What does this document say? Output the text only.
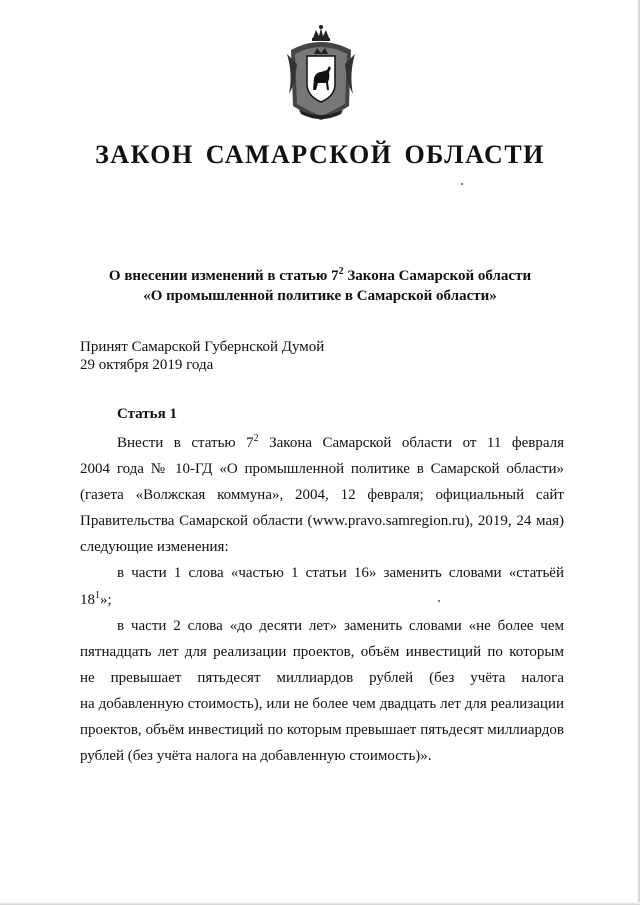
ЗАКОН САМАРСКОЙ ОБЛАСТИ
О внесении изменений в статью $7^2$ Закона Самарской области
«О промышленной политике в Самарской области»
Принят Самарской Губернской Думой
29 октября 2019 года
Статья 1
Внести в статью $7^2$ Закона Самарской области от 11 февраля
2004 года № 10-ГД «О промышленной политике в Самарской области»
(газета «Волжская коммуна», 2004, 12 февраля; официальный сайт
Правительства Самарской области (www.pravo.samregion.ru), 2019, 24 мая)
следующие изменения:
в части 1 слова «частью 1 статьи 16» заменить словами «статьёй
$18^1$»;
в части 2 слова «до десяти лет» заменить словами «не более чем
пятнадцать лет для реализации проектов, объём инвестиций по которым
не превышает пятьдесят миллиардов рублей (без учёта налога
на добавленную стоимость), или не более чем двадцать лет для реализации
проектов, объём инвестиций по которым превышает пятьдесят миллиардов
рублей (без учёта налога на добавленную стоимость)».
